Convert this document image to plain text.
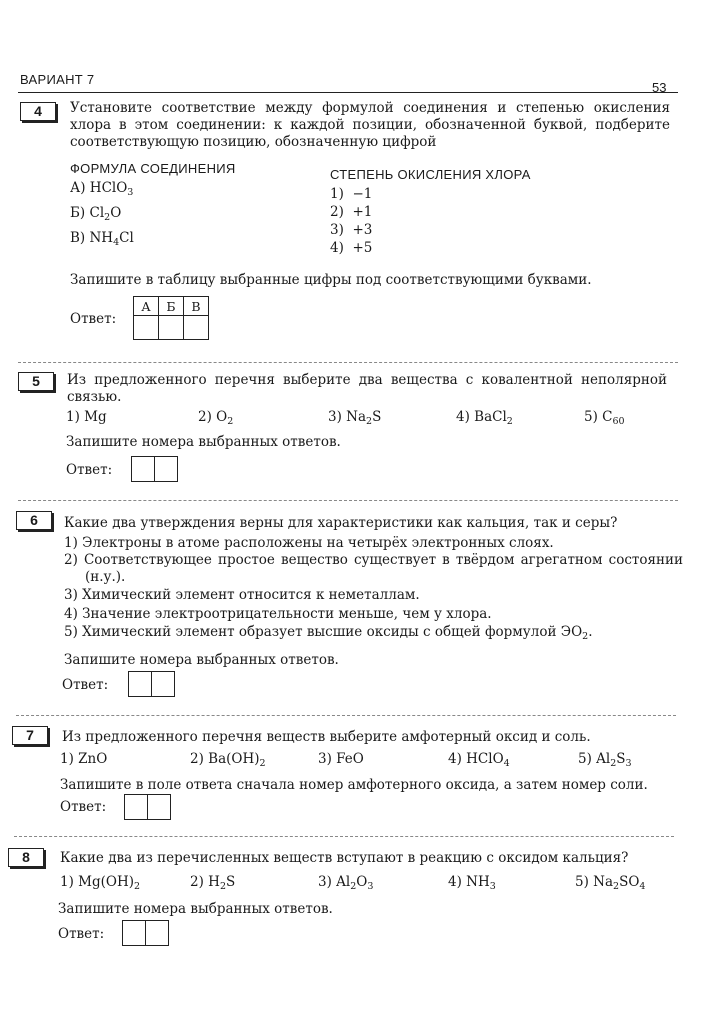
ВАРИАНТ 7
53
4	Установите соответствие между формулой соединения и степенью окисления хлора в этом соединении: к каждой позиции, обозначенной буквой, подберите соответствующую позицию, обозначенную цифрой
ФОРМУЛА СОЕДИНЕНИЯ	СТЕПЕНЬ ОКИСЛЕНИЯ ХЛОРА
А) HClO$_3$
Б) $Cl_2O$
В) $NH_4Cl$
1) −1
2) +1
3) +3
4) +5
Запишите в таблицу выбранные цифры под соответствующими буквами.
Ответ:
А	Б	В

5	Из предложенного перечня выберите два вещества с ковалентной неполярной связью.
1) Mg	2) $O_2$	3) $Na_2S$	4) BaCl$_2$	5) $C_{60}$
Запишите номера выбранных ответов.
Ответ:
6	Какие два утверждения верны для характеристики как кальция, так и серы?
1) Электроны в атоме расположены на четырёх электронных слоях.
2) Соответствующее простое вещество существует в твёрдом агрегатном состоянии (н.у.).
3) Химический элемент относится к неметаллам.
4) Значение электроотрицательности меньше, чем у хлора.
5) Химический элемент образует высшие оксиды с общей формулой $ЭO_2$.
Запишите номера выбранных ответов.
Ответ:
7	Из предложенного перечня веществ выберите амфотерный оксид и соль.
1) ZnO	2) $Ba(OH)_2$	3) FeO	4) HClO$_4$	5) $Al_2S_3$
Запишите в поле ответа сначала номер амфотерного оксида, а затем номер соли.
Ответ:
8	Какие два из перечисленных веществ вступают в реакцию с оксидом кальция?
1) $Mg(OH)_2$	2) $H_2S$	3) $Al_2O_3$	4) $NH_3$	5) $Na_2SO_4$
Запишите номера выбранных ответов.
Ответ:
